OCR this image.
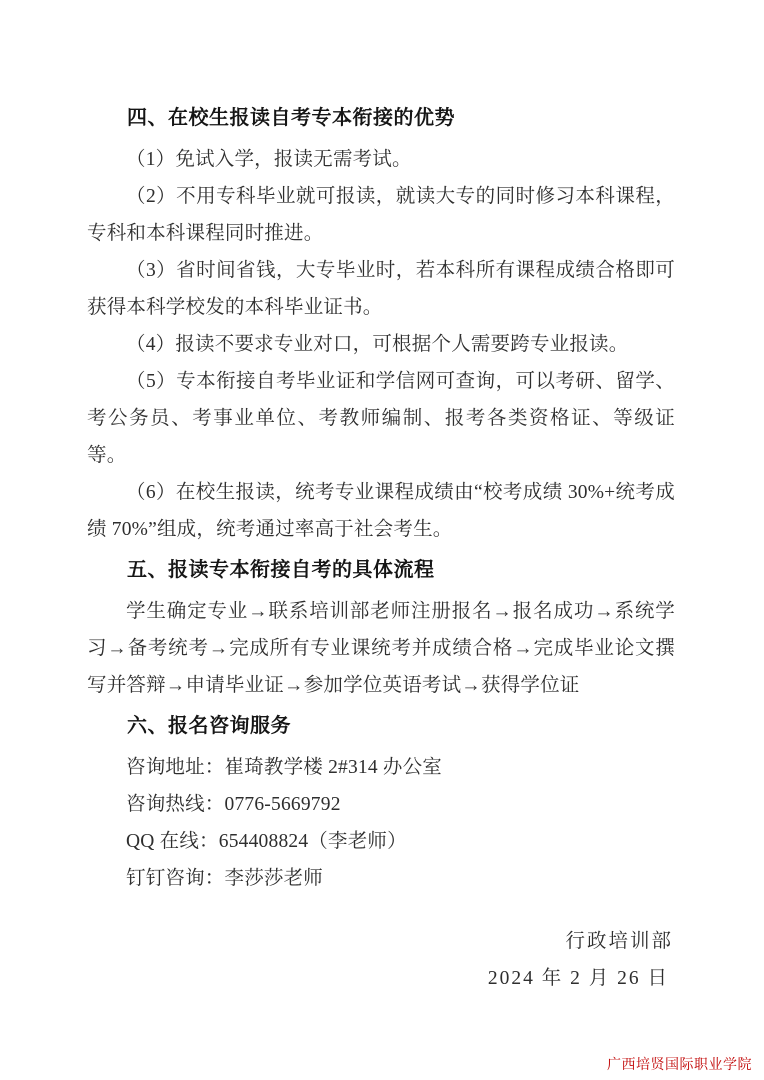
四、在校生报读自考专本衔接的优势

（1）免试入学，报读无需考试。

（2）不用专科毕业就可报读，就读大专的同时修习本科课程，专科和本科课程同时推进。

（3）省时间省钱，大专毕业时，若本科所有课程成绩合格即可获得本科学校发的本科毕业证书。

（4）报读不要求专业对口，可根据个人需要跨专业报读。

（5）专本衔接自考毕业证和学信网可查询，可以考研、留学、考公务员、考事业单位、考教师编制、报考各类资格证、等级证等。

（6）在校生报读，统考专业课程成绩由“校考成绩 30%+统考成绩 70%”组成，统考通过率高于社会考生。

五、报读专本衔接自考的具体流程

学生确定专业→联系培训部老师注册报名→报名成功→系统学习→备考统考→完成所有专业课统考并成绩合格→完成毕业论文撰写并答辩→申请毕业证→参加学位英语考试→获得学位证

六、报名咨询服务

咨询地址：崔琦教学楼 2#314 办公室

咨询热线：0776-5669792

QQ 在线：654408824（李老师）

钉钉咨询：李莎莎老师

行政培训部

2024 年 2 月 26 日

广西培贤国际职业学院
